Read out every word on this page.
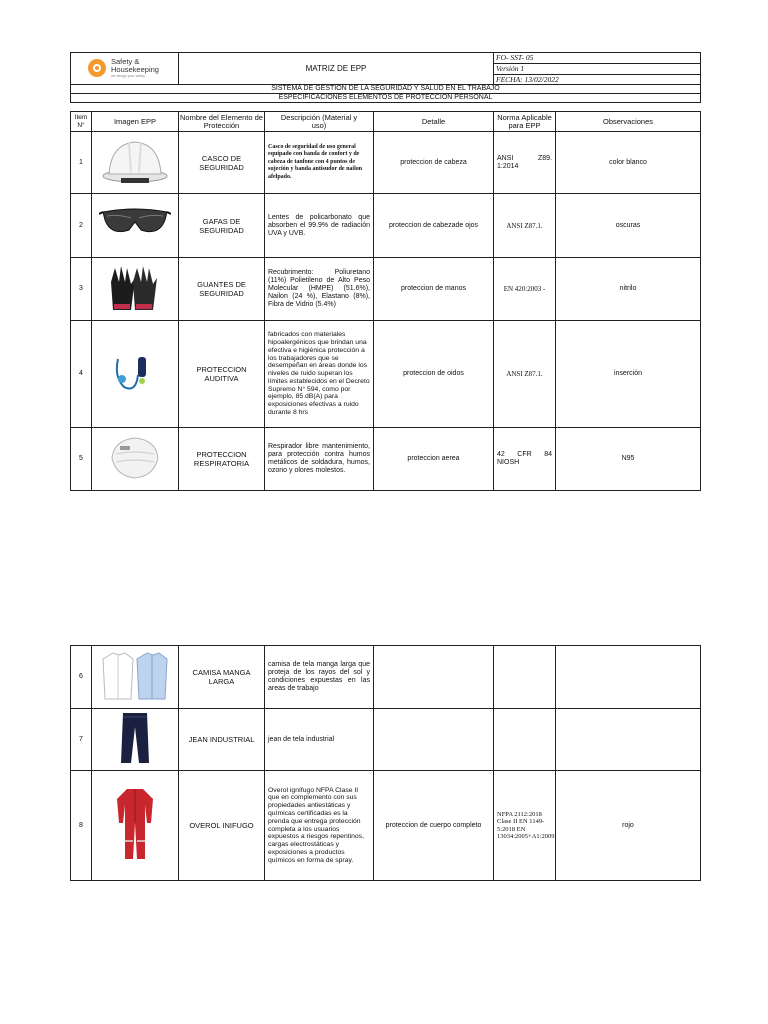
Safety &
Housekeeping
we design your safety
	MATRIZ DE EPP	
FO- SST- 05
Versión 1
FECHA: 13/02/2022

SISTEMA DE GESTION DE LA SEGURIDAD Y SALUD EN EL TRABAJO
ESPECIFICACIONES ELEMENTOS DE PROTECCION PERSONAL
Item N°	Imagen EPP	Nombre del Elemento de Protección	Descripción (Material y uso)	Detalle	Norma Aplicable para EPP	Observaciones
1		CASCO DE SEGURIDAD	Casco de seguridad de uso general equipado con banda de confort y de cabeza de tanfone con 4 puntos de sujeción y banda antisudor de nailon afelpado.	proteccion de cabeza	ANSI Z89. 1:2014	color blanco
2		GAFAS DE SEGURIDAD	Lentes de policarbonato que absorben el 99.9% de radiación UVA y UVB.	proteccion de cabezade ojos	ANSI Z87.1.	oscuras
3		GUANTES DE SEGURIDAD	Recubrimento: Poliuretano (11%) Polietileno de Alto Peso Molecular (HMPE) (51.6%), Nailon (24 %), Elastano (8%), Fibra de Vidrio (5.4%)	proteccion de manos	EN 420:2003 -	nitrilo
4		PROTECCION AUDITIVA	fabricados con materiales hipoalergénicos que brindan una efectiva e higiénica protección a los trabajadores que se desempeñan en áreas donde los niveles de ruido superan los límites establecidos en el Decreto Supremo N° 594, como por ejemplo, 85 dB(A) para exposiciones efectivas a ruido durante 8 hrs	proteccion de oidos	ANSI Z87.1.	inserción
5		PROTECCION RESPIRATORIA	Respirador libre mantenimiento, para protección contra humos metálicos de soldadura, humos, ozono y olores molestos.	proteccion aerea	42 CFR 84 NIOSH	N95
6		CAMISA MANGA LARGA	camisa de tela manga larga que proteja de los rayos del sol y condiciones expuestas en las areas de trabajo			
7		JEAN INDUSTRIAL	jean de tela industrial			
8		OVEROL INIFUGO	Overol ignífugo NFPA Clase II que en complemento con sus propiedades antiestáticas y químicas certificadas es la prenda que entrega protección completa a los usuarios expuestos a riesgos repentinos, cargas electrostáticas y exposiciones a productos químicos en forma de spray.	proteccion de cuerpo completo	NFPA 2112:2018 Clase II EN 1149-5:2018 EN 13034:2005+A1:2009	rojo
